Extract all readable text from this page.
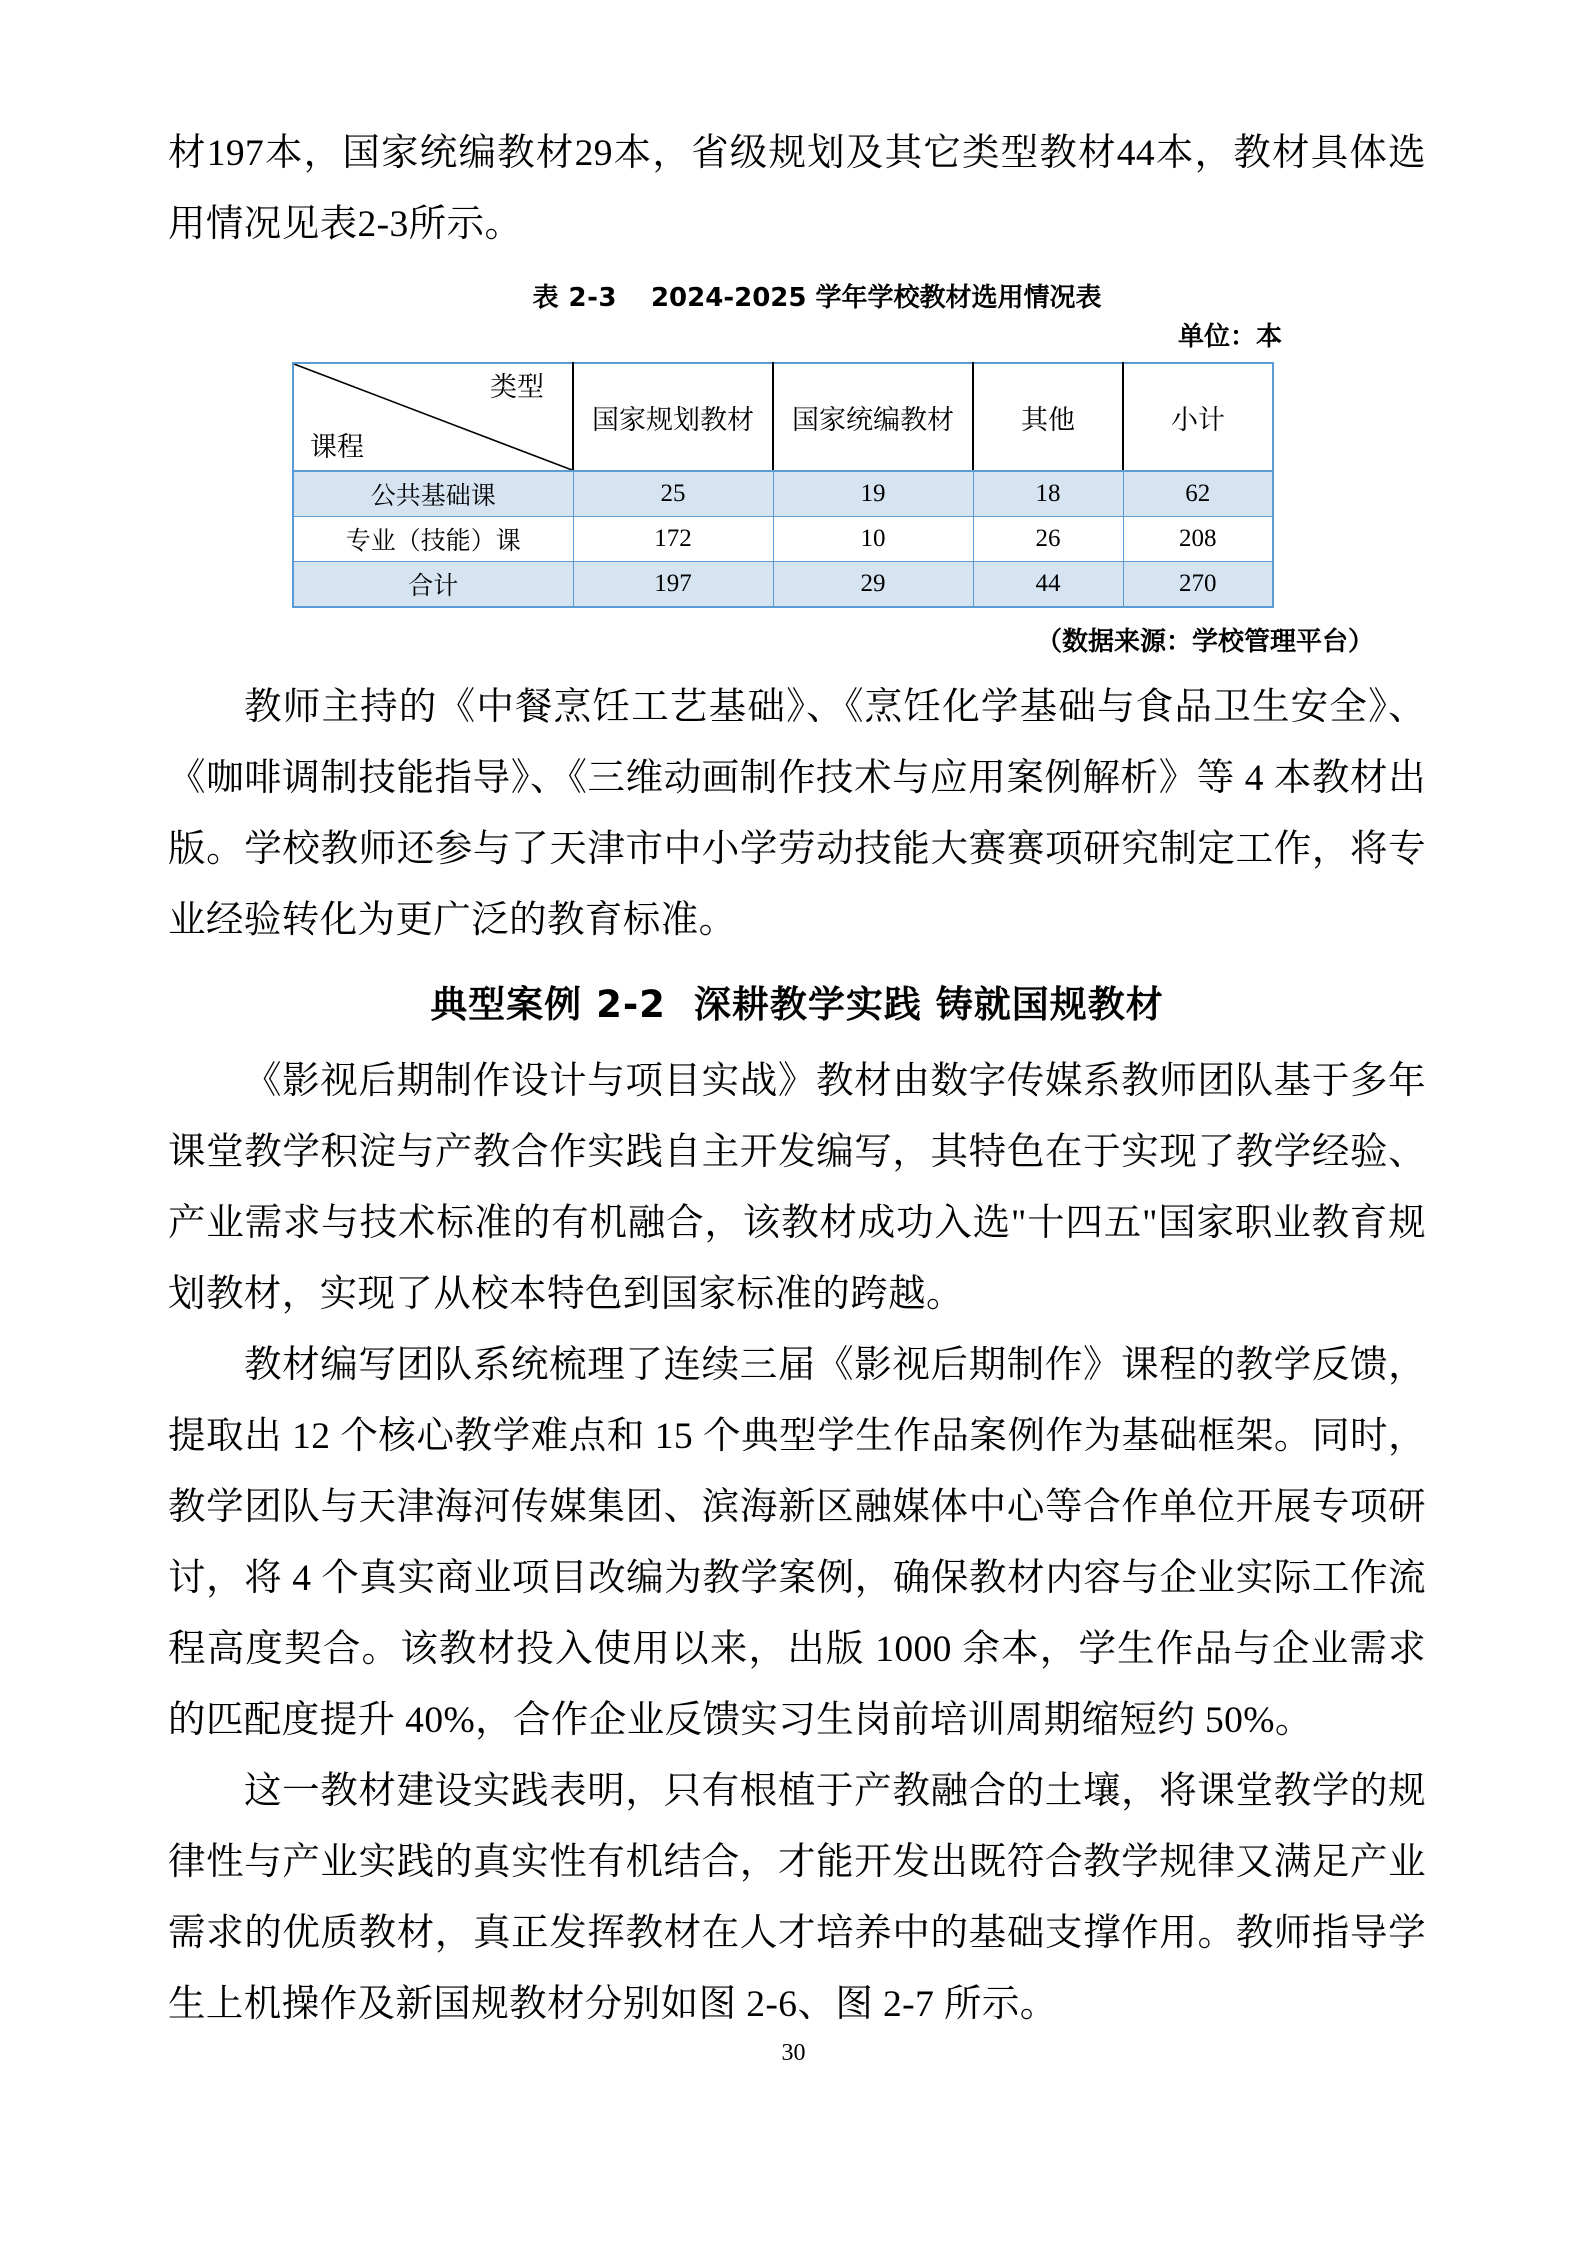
材197本，国家统编教材29本，省级规划及其它类型教材44本，教材具体选用情况见表2-3所示。

表 2-3 2024-2025 学年学校教材选用情况表

单位：本

类型
课程	国家规划教材	国家统编教材	其他	小计
公共基础课	25	19	18	62
专业（技能）课	172	10	26	208
合计	197	29	44	270

（数据来源：学校管理平台）

教师主持的《中餐烹饪工艺基础》、《烹饪化学基础与食品卫生安全》、《咖啡调制技能指导》、《三维动画制作技术与应用案例解析》等 4 本教材出版。学校教师还参与了天津市中小学劳动技能大赛赛项研究制定工作，将专业经验转化为更广泛的教育标准。

典型案例 2-2 深耕教学实践 铸就国规教材

《影视后期制作设计与项目实战》教材由数字传媒系教师团队基于多年课堂教学积淀与产教合作实践自主开发编写，其特色在于实现了教学经验、产业需求与技术标准的有机融合，该教材成功入选"十四五"国家职业教育规划教材，实现了从校本特色到国家标准的跨越。

教材编写团队系统梳理了连续三届《影视后期制作》课程的教学反馈，提取出 12 个核心教学难点和 15 个典型学生作品案例作为基础框架。同时，教学团队与天津海河传媒集团、滨海新区融媒体中心等合作单位开展专项研讨，将 4 个真实商业项目改编为教学案例，确保教材内容与企业实际工作流程高度契合。该教材投入使用以来，出版 1000 余本，学生作品与企业需求的匹配度提升 40%，合作企业反馈实习生岗前培训周期缩短约 50%。

这一教材建设实践表明，只有根植于产教融合的土壤，将课堂教学的规律性与产业实践的真实性有机结合，才能开发出既符合教学规律又满足产业需求的优质教材，真正发挥教材在人才培养中的基础支撑作用。教师指导学生上机操作及新国规教材分别如图 2-6、图 2-7 所示。

30
